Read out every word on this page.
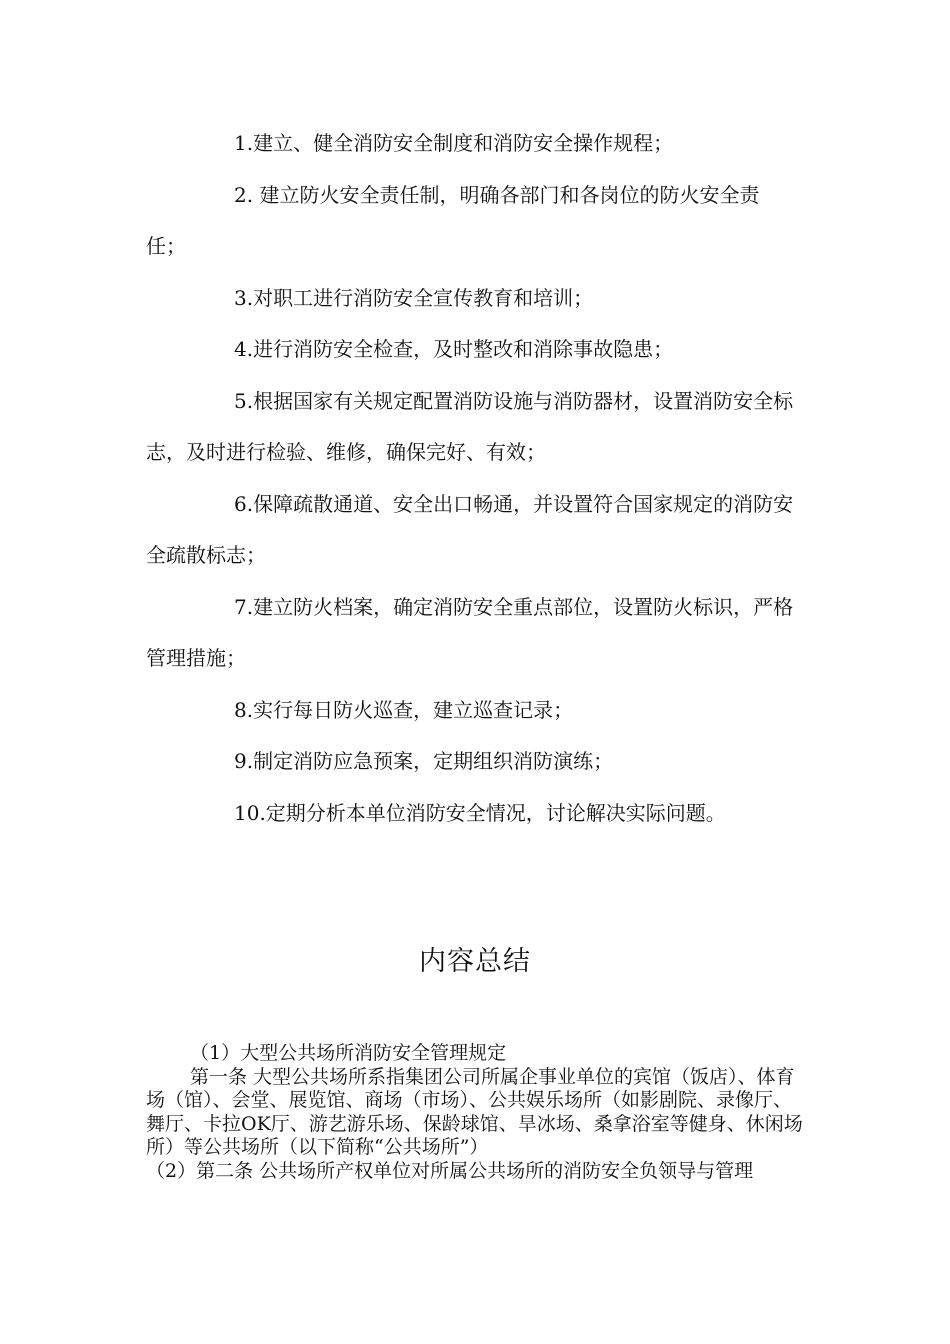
1.建立、健全消防安全制度和消防安全操作规程；

2. 建立防火安全责任制，明确各部门和各岗位的防火安全责任；

3.对职工进行消防安全宣传教育和培训；

4.进行消防安全检查，及时整改和消除事故隐患；

5.根据国家有关规定配置消防设施与消防器材，设置消防安全标志，及时进行检验、维修，确保完好、有效；

6.保障疏散通道、安全出口畅通，并设置符合国家规定的消防安全疏散标志；

7.建立防火档案，确定消防安全重点部位，设置防火标识，严格管理措施；

8.实行每日防火巡查，建立巡查记录；

9.制定消防应急预案，定期组织消防演练；

10.定期分析本单位消防安全情况，讨论解决实际问题。

内容总结

（1）大型公共场所消防安全管理规定

第一条 大型公共场所系指集团公司所属企事业单位的宾馆（饭店）、体育场（馆）、会堂、展览馆、商场（市场）、公共娱乐场所（如影剧院、录像厅、舞厅、卡拉OK厅、游艺游乐场、保龄球馆、旱冰场、桑拿浴室等健身、休闲场所）等公共场所（以下简称“公共场所”）

（2）第二条 公共场所产权单位对所属公共场所的消防安全负领导与管理
